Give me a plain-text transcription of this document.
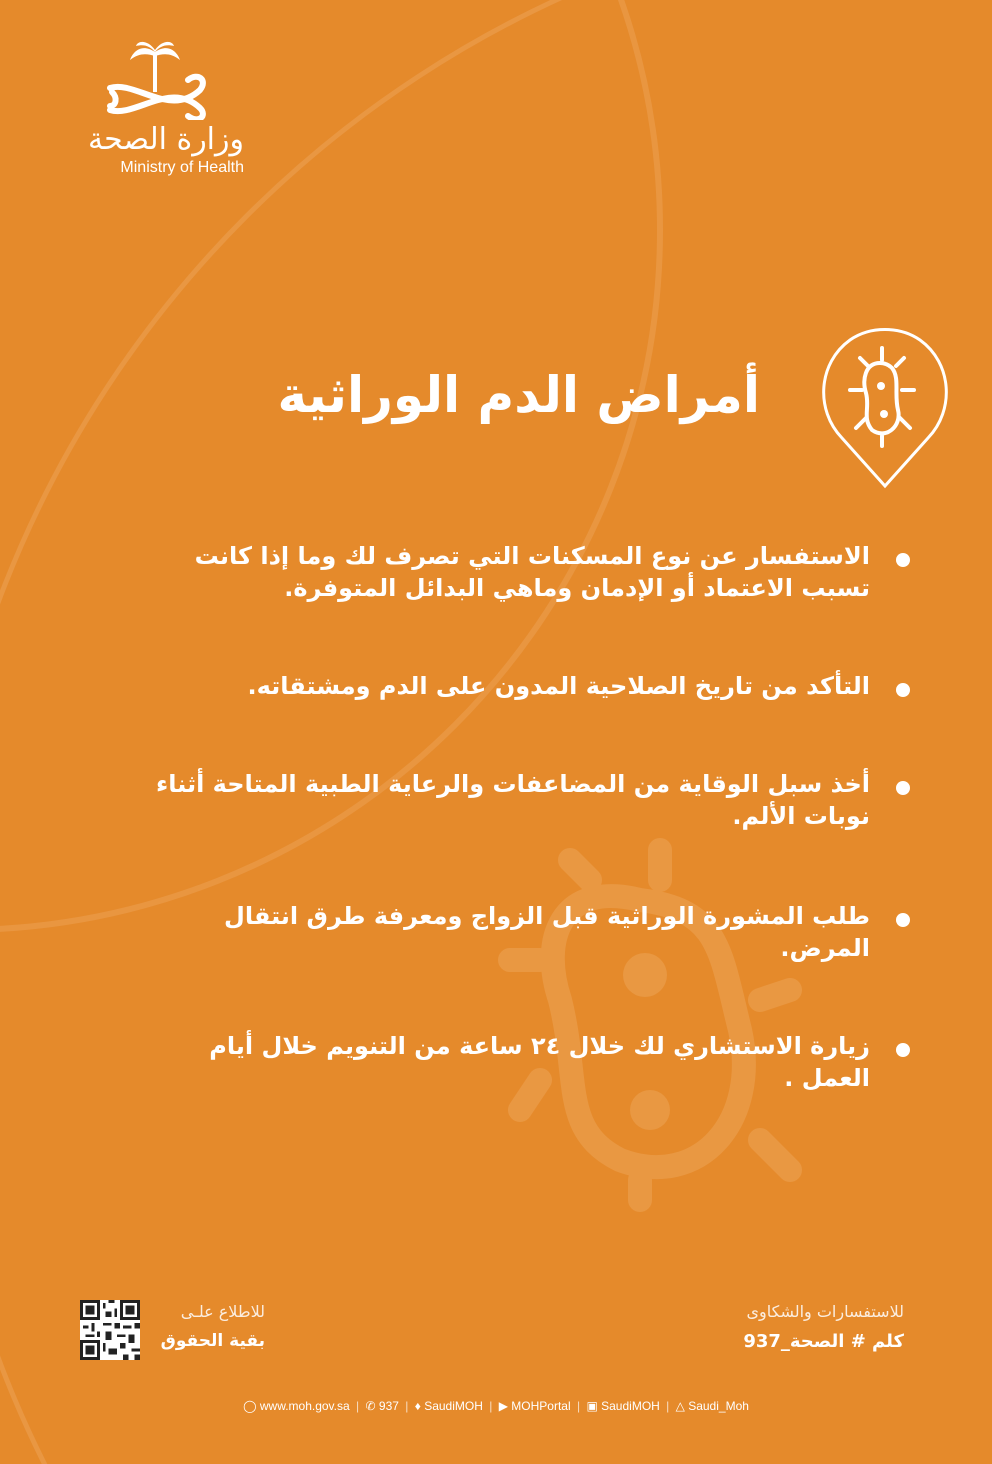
وزارة الصحة
Ministry of Health
أمراض الدم الوراثية
الاستفسار عن نوع المسكنات التي تصرف لك وما إذا كانت تسبب الاعتماد أو الإدمان وماهي البدائل المتوفرة.
التأكد من تاريخ الصلاحية المدون على الدم ومشتقاته.
أخذ سبل الوقاية من المضاعفات والرعاية الطبية المتاحة أثناء نوبات الألم.
طلب المشورة الوراثية قبل الزواج ومعرفة طرق انتقال المرض.
زيارة الاستشاري لك خلال ٢٤ ساعة من التنويم خلال أيام العمل .
للاطلاع علـى
بقية الحقوق
للاستفسارات والشكاوى
كلم # الصحة_937
◯ www.moh.gov.sa | ✆ 937 | ♦ SaudiMOH | ▶ MOHPortal | ▣ SaudiMOH | △ Saudi_Moh
